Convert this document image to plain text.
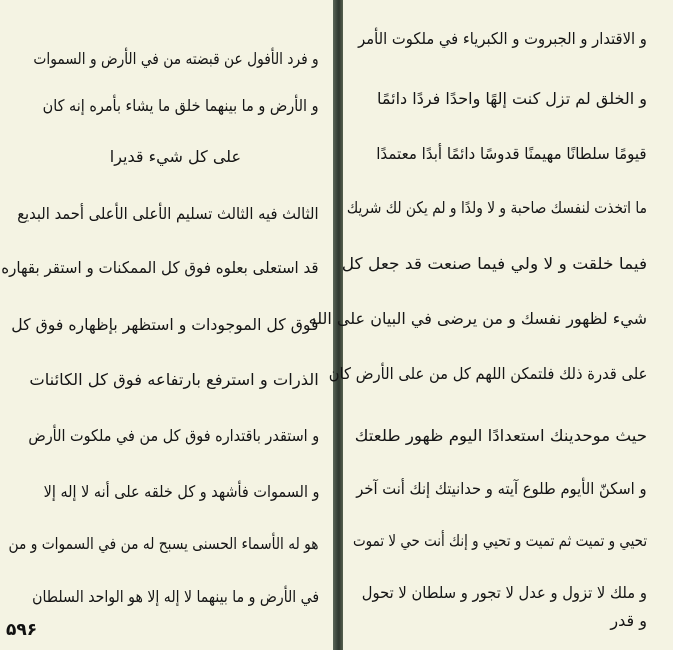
و فرد الأفول عن قبضته من في الأرض و السموات
و الأرض و ما بينهما خلق ما يشاء بأمره إنه كان
على كل شيء قديرا
الثالث فيه الثالث تسليم الأعلى الأعلى أحمد البديع
قد استعلى بعلوه فوق كل الممكنات و استقر بقهاره
فوق كل الموجودات و استظهر بإظهاره فوق كل
الذرات و استرفع بارتفاعه فوق كل الكائنات
و استقدر باقتداره فوق كل من في ملكوت الأرض
و السموات فأشهد و كل خلقه على أنه لا إله إلا
هو له الأسماء الحسنى يسبح له من في السموات و من
في الأرض و ما بينهما لا إله إلا هو الواحد السلطان
۵۹۶
و الاقتدار و الجبروت و الكبرياء في ملكوت الأمر
و الخلق لم تزل كنت إلهًا واحدًا فردًا دائمًا
قيومًا سلطانًا مهيمنًا قدوسًا دائمًا أبدًا معتمدًا
ما اتخذت لنفسك صاحبة و لا ولدًا و لم يكن لك شريك
فيما خلقت و لا ولي فيما صنعت قد جعل كل
شيء لظهور نفسك و من يرضى في البيان على الله
على قدرة ذلك فلتمكن اللهم كل من على الأرض كان
حيث موحدينك استعدادًا اليوم ظهور طلعتك
و اسكنّ الأيوم طلوع آيته و حدانيتك إنك أنت آخر
تحيي و تميت ثم تميت و تحيي و إنك أنت حي لا تموت
و ملك لا تزول و عدل لا تجور و سلطان لا تحول
و قدر
